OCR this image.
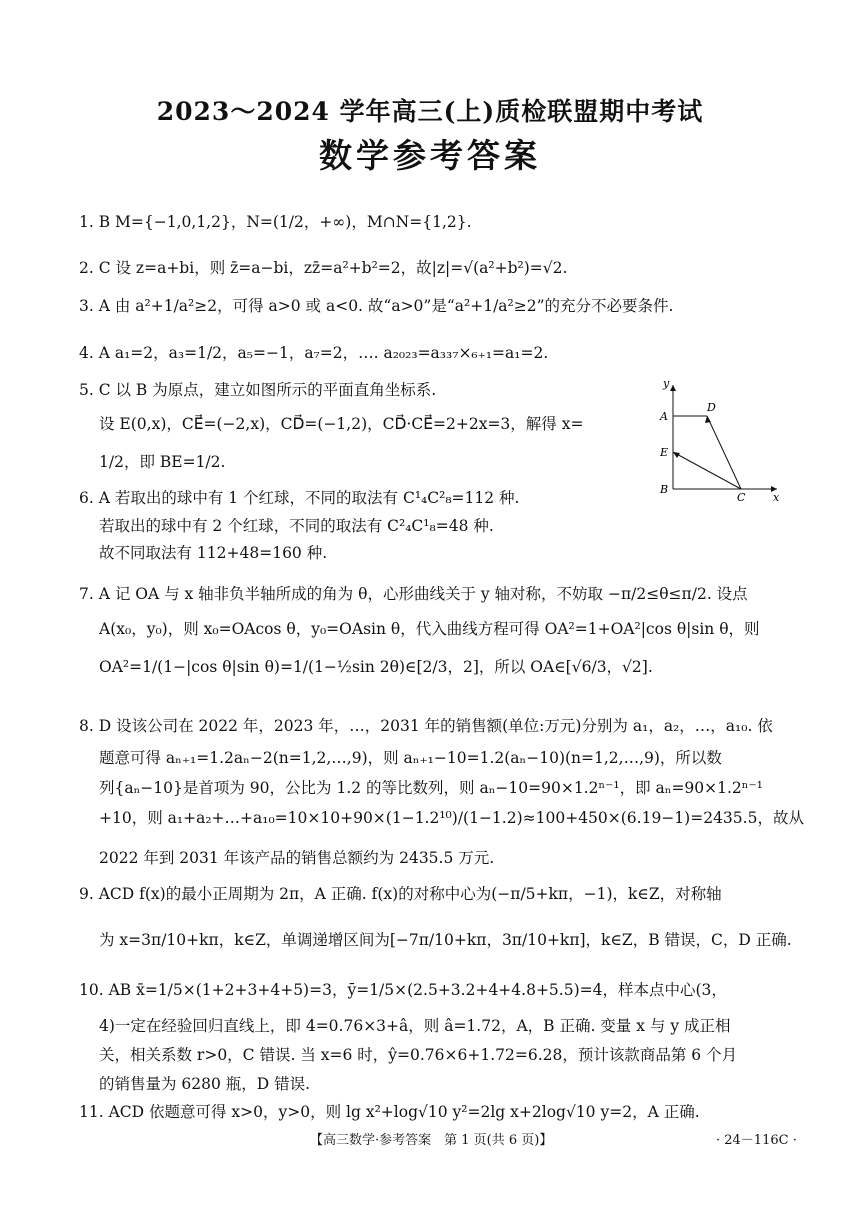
2023～2024 学年高三(上)质检联盟期中考试
数学参考答案
1. B M={−1,0,1,2}，N=(1/2，+∞)，M∩N={1,2}.
2. C 设 z=a+bi，则 z̄=a−bi，zz̄=a²+b²=2，故|z|=√(a²+b²)=√2.
3. A 由 a²+1/a²≥2，可得 a>0 或 a<0. 故“a>0”是“a²+1/a²≥2”的充分不必要条件.
4. A a₁=2，a₃=1/2，a₅=−1，a₇=2，…. a₂₀₂₃=a₃₃₇×₆₊₁=a₁=2.
5. C 以 B 为原点，建立如图所示的平面直角坐标系.
设 E(0,x)，CE⃗=(−2,x)，CD⃗=(−1,2)，CD⃗·CE⃗=2+2x=3，解得 x=
1/2，即 BE=1/2.
y
A
D
E
B
C	x
6. A 若取出的球中有 1 个红球，不同的取法有 C¹₄C²₈=112 种.
若取出的球中有 2 个红球，不同的取法有 C²₄C¹₈=48 种.
故不同取法有 112+48=160 种.
7. A 记 OA 与 x 轴非负半轴所成的角为 θ，心形曲线关于 y 轴对称，不妨取 −π/2≤θ≤π/2. 设点
A(x₀，y₀)，则 x₀=OAcos θ，y₀=OAsin θ，代入曲线方程可得 OA²=1+OA²|cos θ|sin θ，则
OA²=1/(1−|cos θ|sin θ)=1/(1−½sin 2θ)∈[2/3，2]，所以 OA∈[√6/3，√2].
8. D 设该公司在 2022 年，2023 年，…，2031 年的销售额(单位:万元)分别为 a₁，a₂，…，a₁₀. 依
题意可得 aₙ₊₁=1.2aₙ−2(n=1,2,…,9)，则 aₙ₊₁−10=1.2(aₙ−10)(n=1,2,…,9)，所以数
列{aₙ−10}是首项为 90，公比为 1.2 的等比数列，则 aₙ−10=90×1.2ⁿ⁻¹，即 aₙ=90×1.2ⁿ⁻¹
+10，则 a₁+a₂+…+a₁₀=10×10+90×(1−1.2¹⁰)/(1−1.2)≈100+450×(6.19−1)=2435.5，故从
2022 年到 2031 年该产品的销售总额约为 2435.5 万元.
9. ACD f(x)的最小正周期为 2π，A 正确. f(x)的对称中心为(−π/5+kπ，−1)，k∈Z，对称轴
为 x=3π/10+kπ，k∈Z，单调递增区间为[−7π/10+kπ，3π/10+kπ]，k∈Z，B 错误，C，D 正确.
10. AB x̄=1/5×(1+2+3+4+5)=3，ȳ=1/5×(2.5+3.2+4+4.8+5.5)=4，样本点中心(3，
4)一定在经验回归直线上，即 4=0.76×3+â，则 â=1.72，A，B 正确. 变量 x 与 y 成正相
关，相关系数 r>0，C 错误. 当 x=6 时，ŷ=0.76×6+1.72=6.28，预计该款商品第 6 个月
的销售量为 6280 瓶，D 错误.
11. ACD 依题意可得 x>0，y>0，则 lg x²+log√10 y²=2lg x+2log√10 y=2，A 正确.
【高三数学·参考答案　第 1 页(共 6 页)】	· 24－116C ·
